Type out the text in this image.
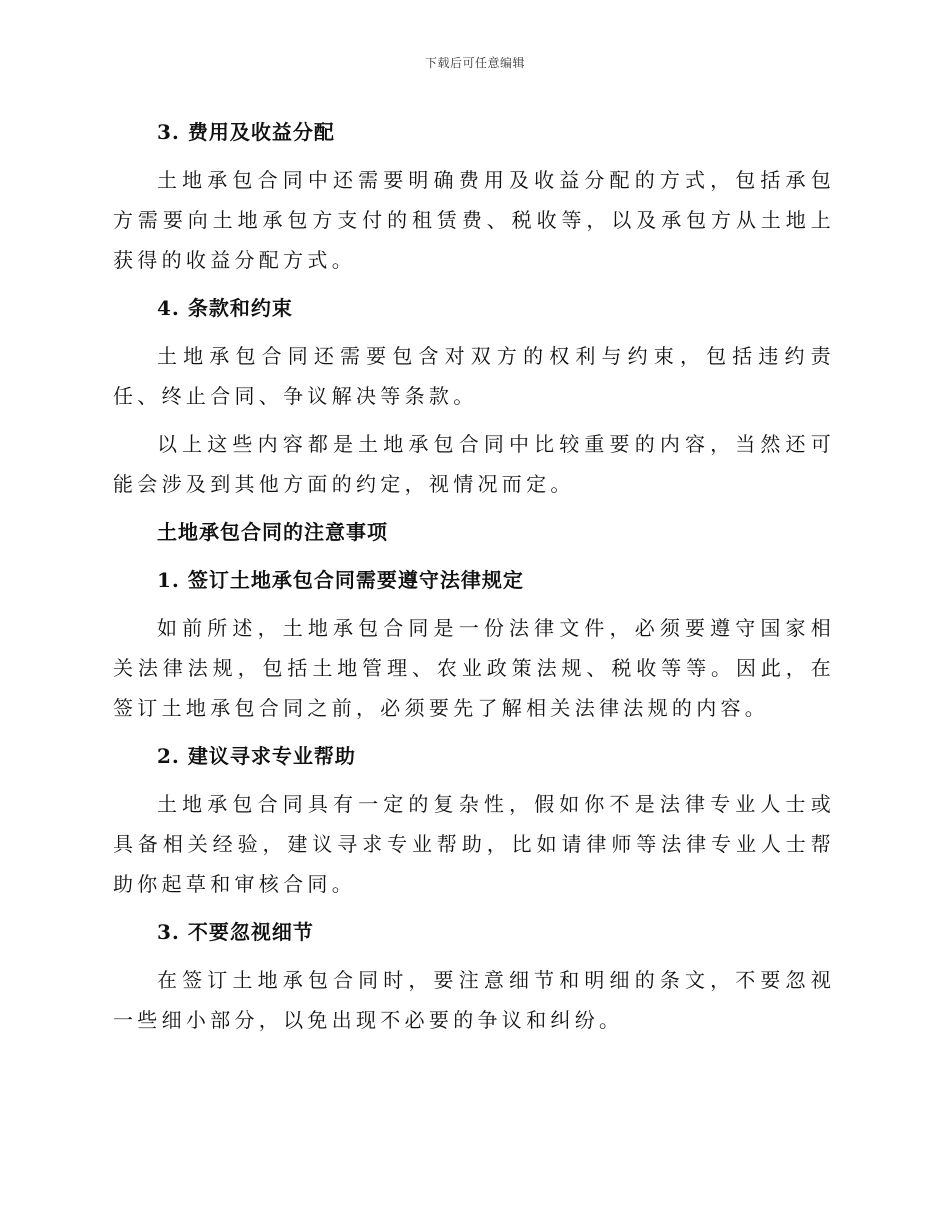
下载后可任意编辑
3. 费用及收益分配

土地承包合同中还需要明确费用及收益分配的方式，包括承包方需要向土地承包方支付的租赁费、税收等，以及承包方从土地上获得的收益分配方式。

4. 条款和约束

土地承包合同还需要包含对双方的权利与约束，包括违约责任、终止合同、争议解决等条款。

以上这些内容都是土地承包合同中比较重要的内容，当然还可能会涉及到其他方面的约定，视情况而定。

土地承包合同的注意事项
1. 签订土地承包合同需要遵守法律规定

如前所述，土地承包合同是一份法律文件，必须要遵守国家相关法律法规，包括土地管理、农业政策法规、税收等等。因此，在签订土地承包合同之前，必须要先了解相关法律法规的内容。

2. 建议寻求专业帮助

土地承包合同具有一定的复杂性，假如你不是法律专业人士或具备相关经验，建议寻求专业帮助，比如请律师等法律专业人士帮助你起草和审核合同。

3. 不要忽视细节

在签订土地承包合同时，要注意细节和明细的条文，不要忽视一些细小部分，以免出现不必要的争议和纠纷。
